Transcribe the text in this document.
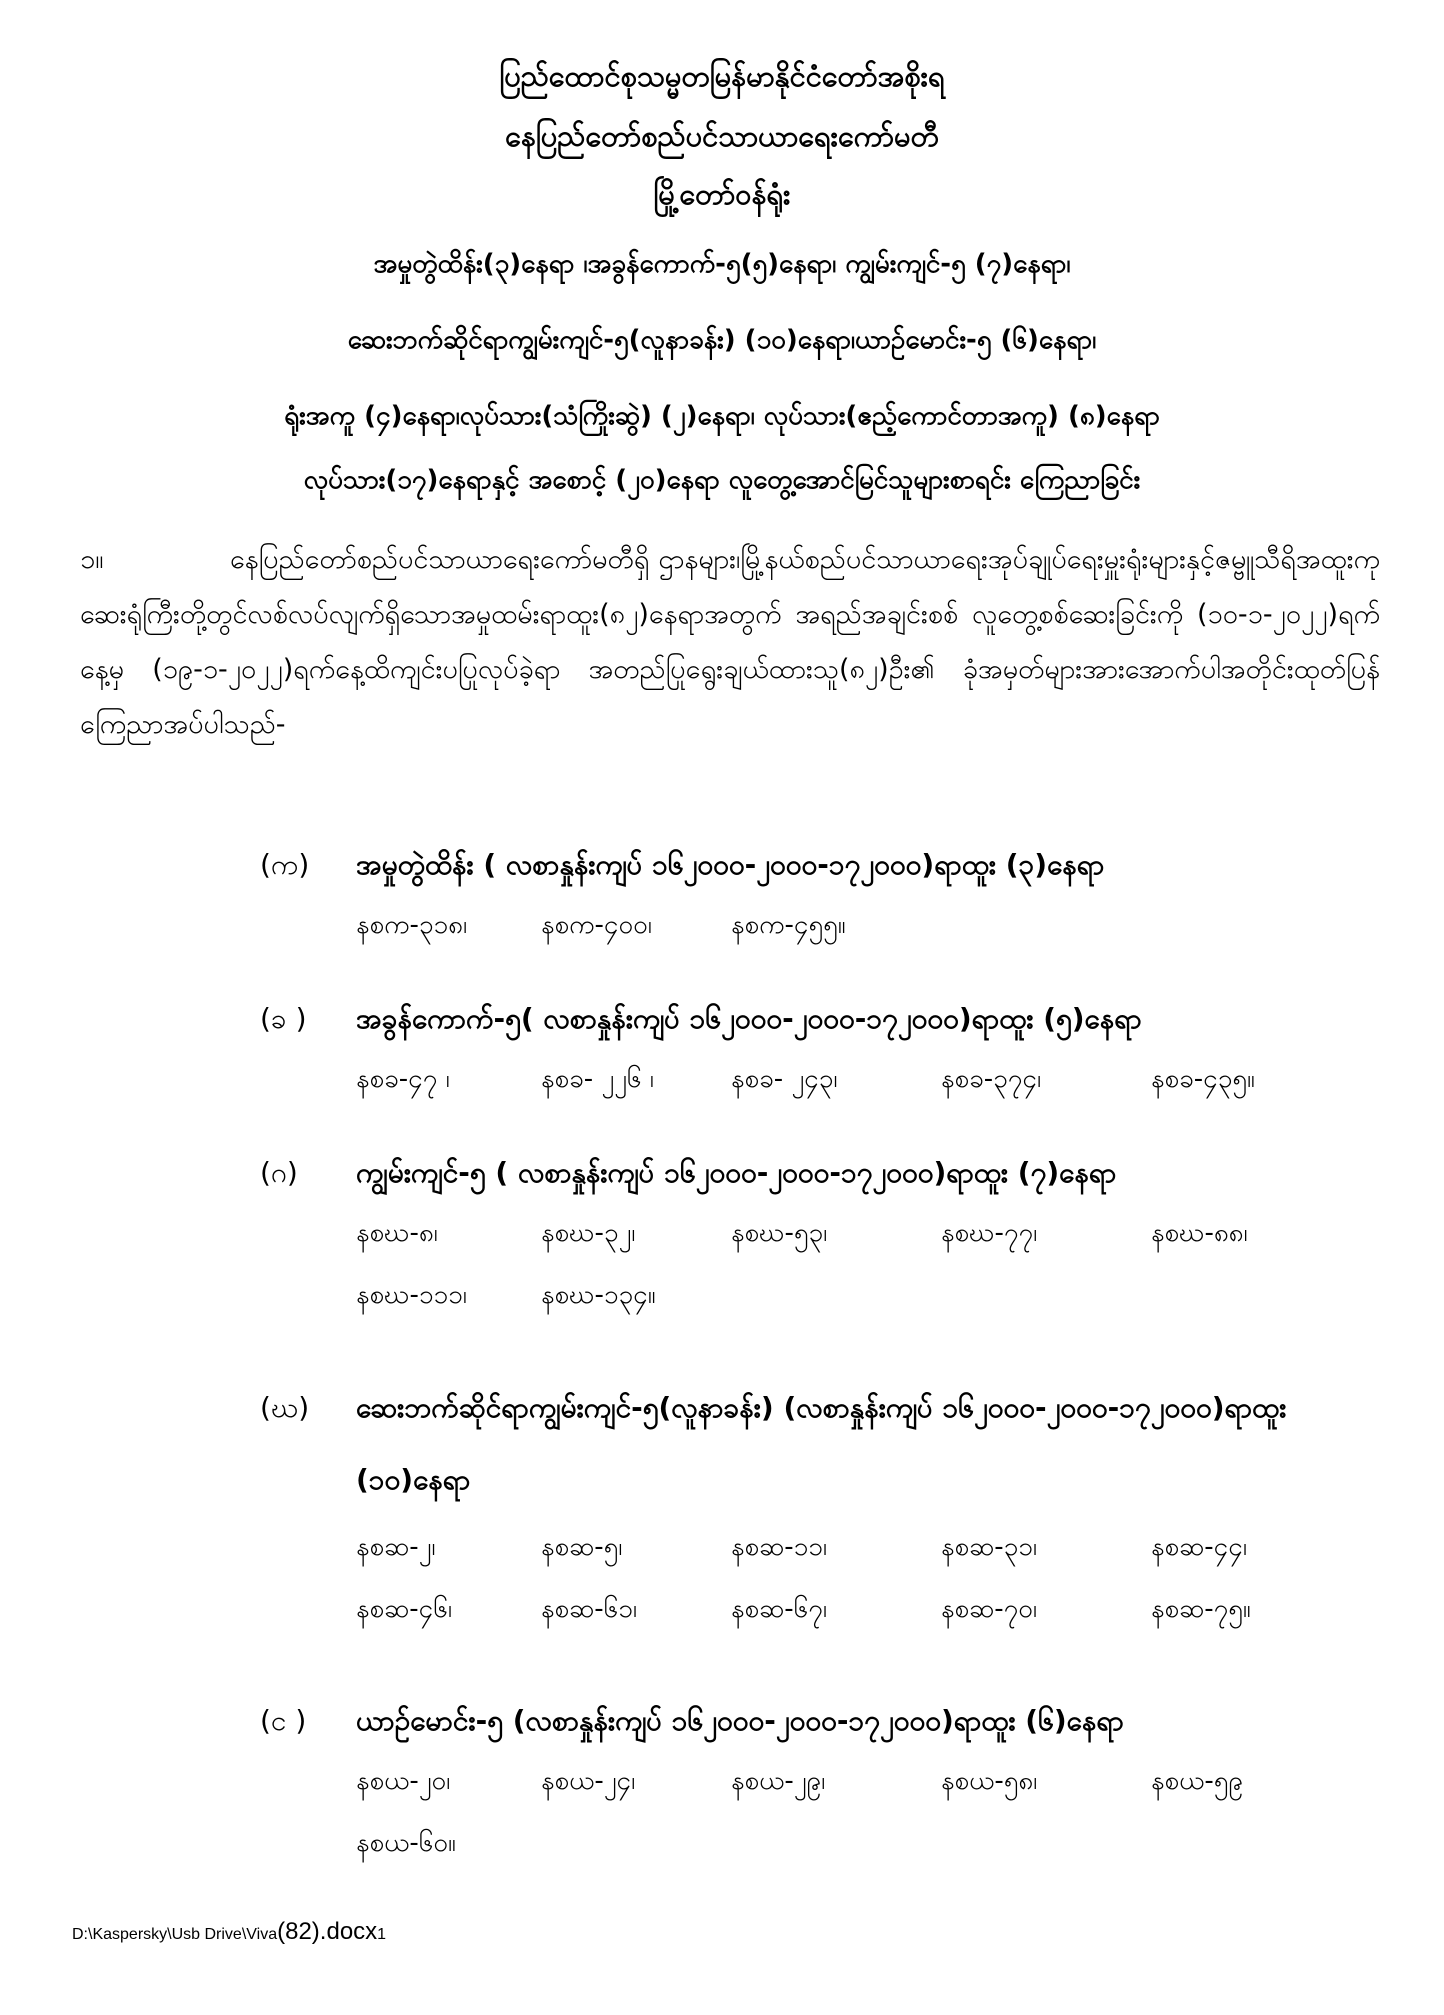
ပြည်ထောင်စုသမ္မတမြန်မာနိုင်ငံတော်အစိုးရ
နေပြည်တော်စည်ပင်သာယာရေးကော်မတီ
မြို့တော်ဝန်ရုံး
အမှုတွဲထိန်း(၃)နေရာ ၊အခွန်ကောက်-၅(၅)နေရာ၊ ကျွမ်းကျင်-၅ (၇)နေရာ၊
ဆေးဘက်ဆိုင်ရာကျွမ်းကျင်-၅(လူနာခန်း) (၁၀)နေရာ၊ယာဉ်မောင်း-၅ (၆)နေရာ၊
ရုံးအကူ (၄)နေရာ၊လုပ်သား(သံကြိုးဆွဲ) (၂)နေရာ၊ လုပ်သား(ဧည့်ကောင်တာအကူ) (၈)နေရာ
လုပ်သား(၁၇)နေရာနှင့် အစောင့် (၂၀)နေရာ လူတွေ့အောင်မြင်သူများစာရင်း ကြေညာခြင်း
၁။	နေပြည်တော်စည်ပင်သာယာရေးကော်မတီရှိ ဌာနများ၊မြို့နယ်စည်ပင်သာယာရေးအုပ်ချုပ်ရေးမှူးရုံးများနှင့်ဇမ္ဗူသီရိအထူးကုဆေးရုံကြီးတို့တွင်လစ်လပ်လျက်ရှိသောအမှုထမ်းရာထူး(၈၂)နေရာအတွက် အရည်အချင်းစစ် လူတွေ့စစ်ဆေးခြင်းကို (၁၀-၁-၂၀၂၂)ရက်နေ့မှ (၁၉-၁-၂၀၂၂)ရက်နေ့ထိကျင်းပပြုလုပ်ခဲ့ရာ အတည်ပြုရွေးချယ်ထားသူ(၈၂)ဦး၏ ခုံအမှတ်များအားအောက်ပါအတိုင်းထုတ်ပြန် ကြေညာအပ်ပါသည်-
(က)	အမှုတွဲထိန်း ( လစာနှုန်းကျပ် ၁၆၂၀၀၀-၂၀၀၀-၁၇၂၀၀၀)ရာထူး (၃)နေရာ
နစက-၃၁၈၊	နစက-၄၀၀၊	နစက-၄၅၅။
(ခ )	အခွန်ကောက်-၅( လစာနှုန်းကျပ် ၁၆၂၀၀၀-၂၀၀၀-၁၇၂၀၀၀)ရာထူး (၅)နေရာ
နစခ-၄၇ ၊	နစခ- ၂၂၆ ၊	နစခ- ၂၄၃၊	နစခ-၃၇၄၊	နစခ-၄၃၅။
(ဂ)	ကျွမ်းကျင်-၅ ( လစာနှုန်းကျပ် ၁၆၂၀၀၀-၂၀၀၀-၁၇၂၀၀၀)ရာထူး (၇)နေရာ
နစဃ-၈၊	နစဃ-၃၂၊	နစဃ-၅၃၊	နစဃ-၇၇၊	နစဃ-၈၈၊
နစဃ-၁၁၁၊	နစဃ-၁၃၄။
(ဃ)	ဆေးဘက်ဆိုင်ရာကျွမ်းကျင်-၅(လူနာခန်း) (လစာနှုန်းကျပ် ၁၆၂၀၀၀-၂၀၀၀-၁၇၂၀၀၀)ရာထူး (၁၀)နေရာ
နစဆ-၂၊	နစဆ-၅၊	နစဆ-၁၁၊	နစဆ-၃၁၊	နစဆ-၄၄၊
နစဆ-၄၆၊	နစဆ-၆၁၊	နစဆ-၆၇၊	နစဆ-၇၀၊	နစဆ-၇၅။
(င )	ယာဉ်မောင်း-၅ (လစာနှုန်းကျပ် ၁၆၂၀၀၀-၂၀၀၀-၁၇၂၀၀၀)ရာထူး (၆)နေရာ
နစယ-၂၀၊	နစယ-၂၄၊	နစယ-၂၉၊	နစယ-၅၈၊	နစယ-၅၉
နစယ-၆၀။
D:\Kaspersky\Usb Drive\Viva(82).docx1
